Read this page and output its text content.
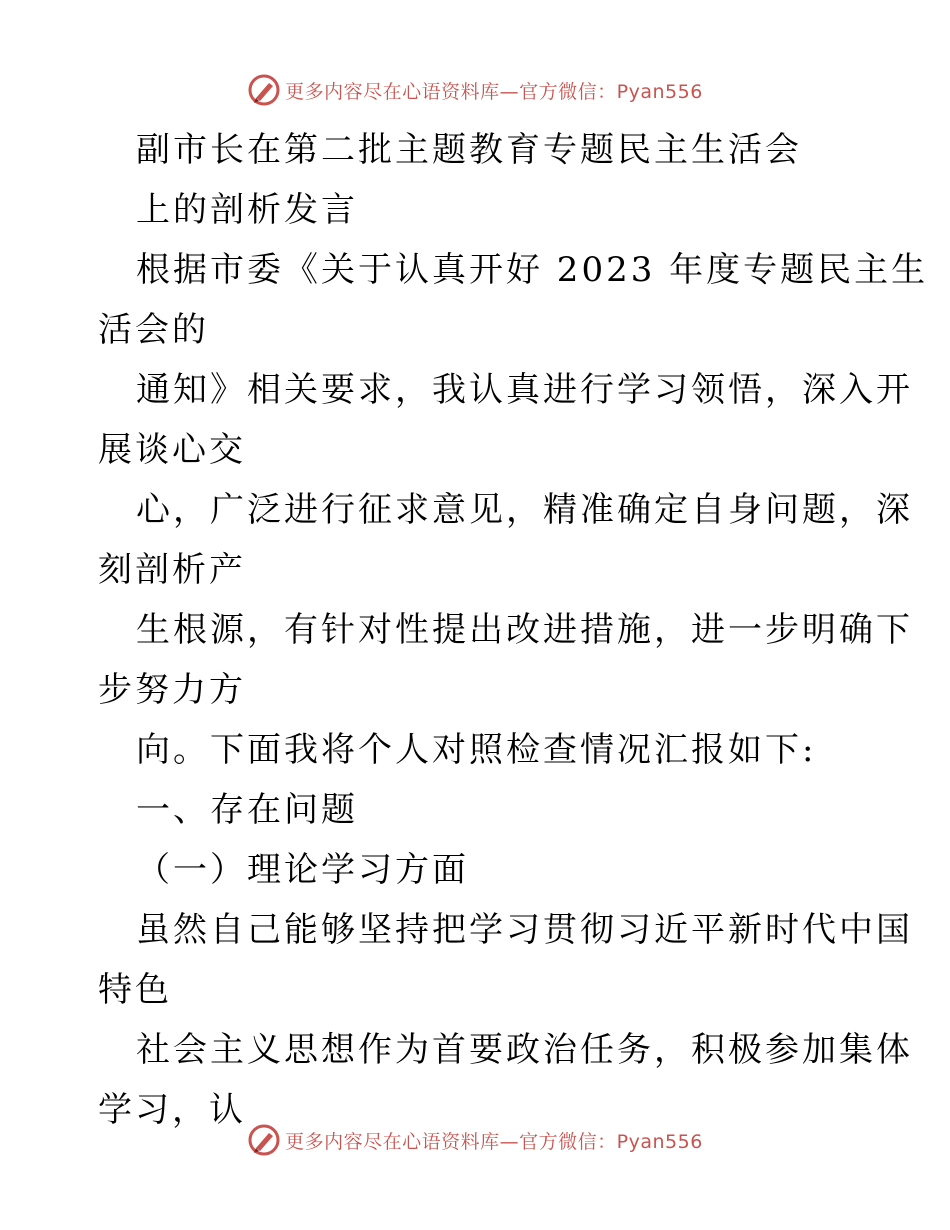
更多内容尽在心语资料库—官方微信：Pyan556
副市长在第二批主题教育专题民主生活会
上的剖析发言
根据市委《关于认真开好 2023 年度专题民主生
活会的
通知》相关要求，我认真进行学习领悟，深入开
展谈心交
心，广泛进行征求意见，精准确定自身问题，深
刻剖析产
生根源，有针对性提出改进措施，进一步明确下
步努力方
向。下面我将个人对照检查情况汇报如下:
一、存在问题
（一）理论学习方面
虽然自己能够坚持把学习贯彻习近平新时代中国
特色
社会主义思想作为首要政治任务，积极参加集体
学习，认
更多内容尽在心语资料库—官方微信：Pyan556
